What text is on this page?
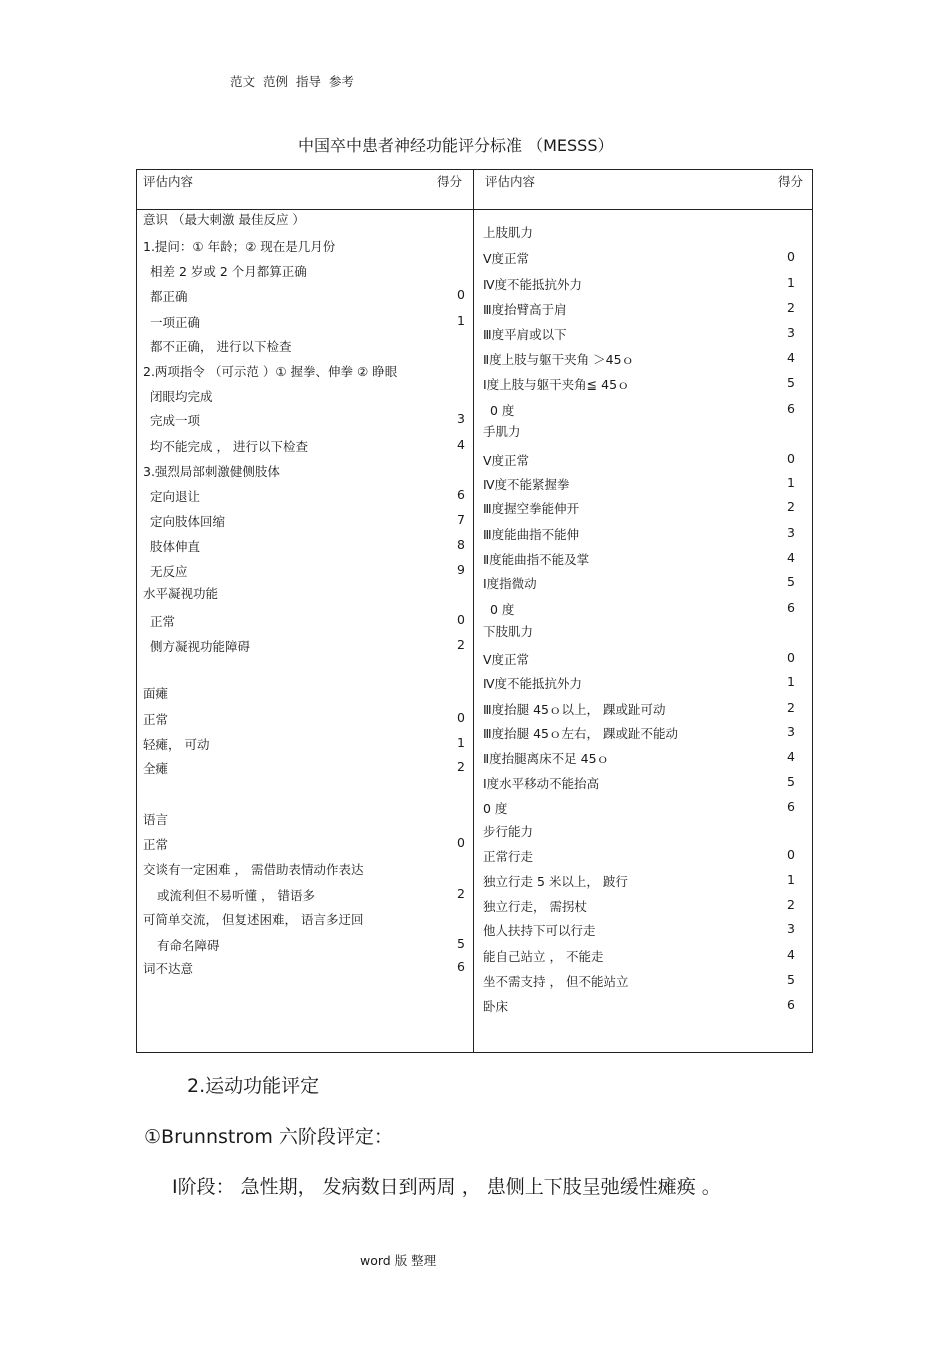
范文 范例 指导 参考
中国卒中患者神经功能评分标准 （MESSS）
评估内容	得分 评估内容	得分
意识 （最大刺激 最佳反应 ）
1.提问：① 年龄；② 现在是几月份
相差 2 岁或 2 个月都算正确
都正确	0
一项正确	1
都不正确， 进行以下检查
2.两项指令 （可示范 ）① 握拳、伸拳 ② 睁眼
闭眼均完成
完成一项	3
均不能完成 ， 进行以下检查	4
3.强烈局部刺激健侧肢体
定向退让	6
定向肢体回缩	7
肢体伸直	8
无反应	9
水平凝视功能
正常	0
侧方凝视功能障碍	2
面瘫
正常	0
轻瘫， 可动	1
全瘫	2
语言
正常	0
交谈有一定困难 ， 需借助表情动作表达
或流利但不易听懂 ， 错语多	2
可简单交流， 但复述困难， 语言多迂回
有命名障碍	5
词不达意	6
上肢肌力
Ⅴ度正常	0
Ⅳ度不能抵抗外力	1
Ⅲ度抬臂高于肩	2
Ⅲ度平肩或以下	3
Ⅱ度上肢与躯干夹角 ＞45ｏ	4
Ⅰ度上肢与躯干夹角≦ 45ｏ	5
0 度	6
手肌力
Ⅴ度正常	0
Ⅳ度不能紧握拳	1
Ⅲ度握空拳能伸开	2
Ⅲ度能曲指不能伸	3
Ⅱ度能曲指不能及掌	4
Ⅰ度指微动	5
0 度	6
下肢肌力
Ⅴ度正常	0
Ⅳ度不能抵抗外力	1
Ⅲ度抬腿 45ｏ以上， 踝或趾可动	2
Ⅲ度抬腿 45ｏ左右， 踝或趾不能动	3
Ⅱ度抬腿离床不足 45ｏ	4
Ⅰ度水平移动不能抬高	5
0 度	6
步行能力
正常行走	0
独立行走 5 米以上， 跛行	1
独立行走， 需拐杖	2
他人扶持下可以行走	3
能自己站立 ， 不能走	4
坐不需支持 ， 但不能站立	5
卧床	6
2.运动功能评定
①Brunnstrom 六阶段评定：
Ⅰ阶段： 急性期， 发病数日到两周 ， 患侧上下肢呈弛缓性瘫痪 。
word 版 整理
